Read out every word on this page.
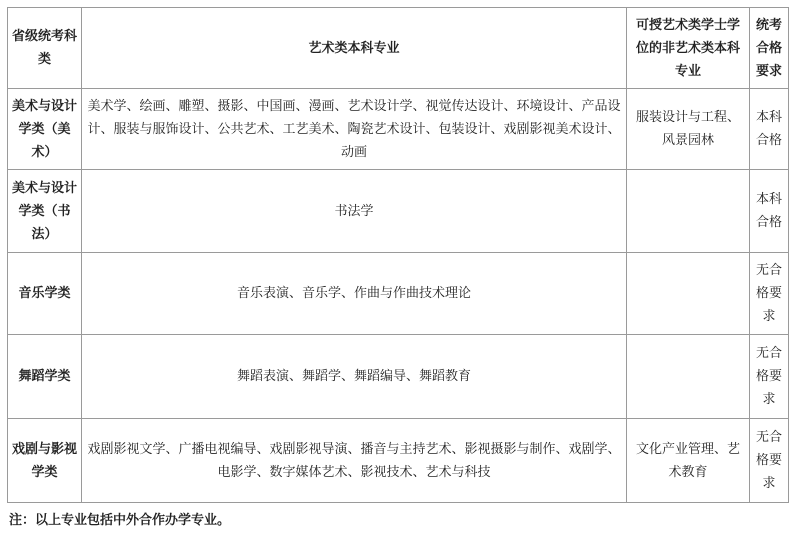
省级统考科类	艺术类本科专业	可授艺术类学士学位的非艺术类本科专业	统考合格要求
美术与设计学类（美术）	美术学、绘画、雕塑、摄影、中国画、漫画、艺术设计学、视觉传达设计、环境设计、产品设计、服装与服饰设计、公共艺术、工艺美术、陶瓷艺术设计、包装设计、戏剧影视美术设计、动画	服装设计与工程、风景园林	本科合格
美术与设计学类（书法）	书法学		本科合格
音乐学类	音乐表演、音乐学、作曲与作曲技术理论		无合格要求
舞蹈学类	舞蹈表演、舞蹈学、舞蹈编导、舞蹈教育		无合格要求
戏剧与影视学类	戏剧影视文学、广播电视编导、戏剧影视导演、播音与主持艺术、影视摄影与制作、戏剧学、电影学、数字媒体艺术、影视技术、艺术与科技	文化产业管理、艺术教育	无合格要求
注：以上专业包括中外合作办学专业。
